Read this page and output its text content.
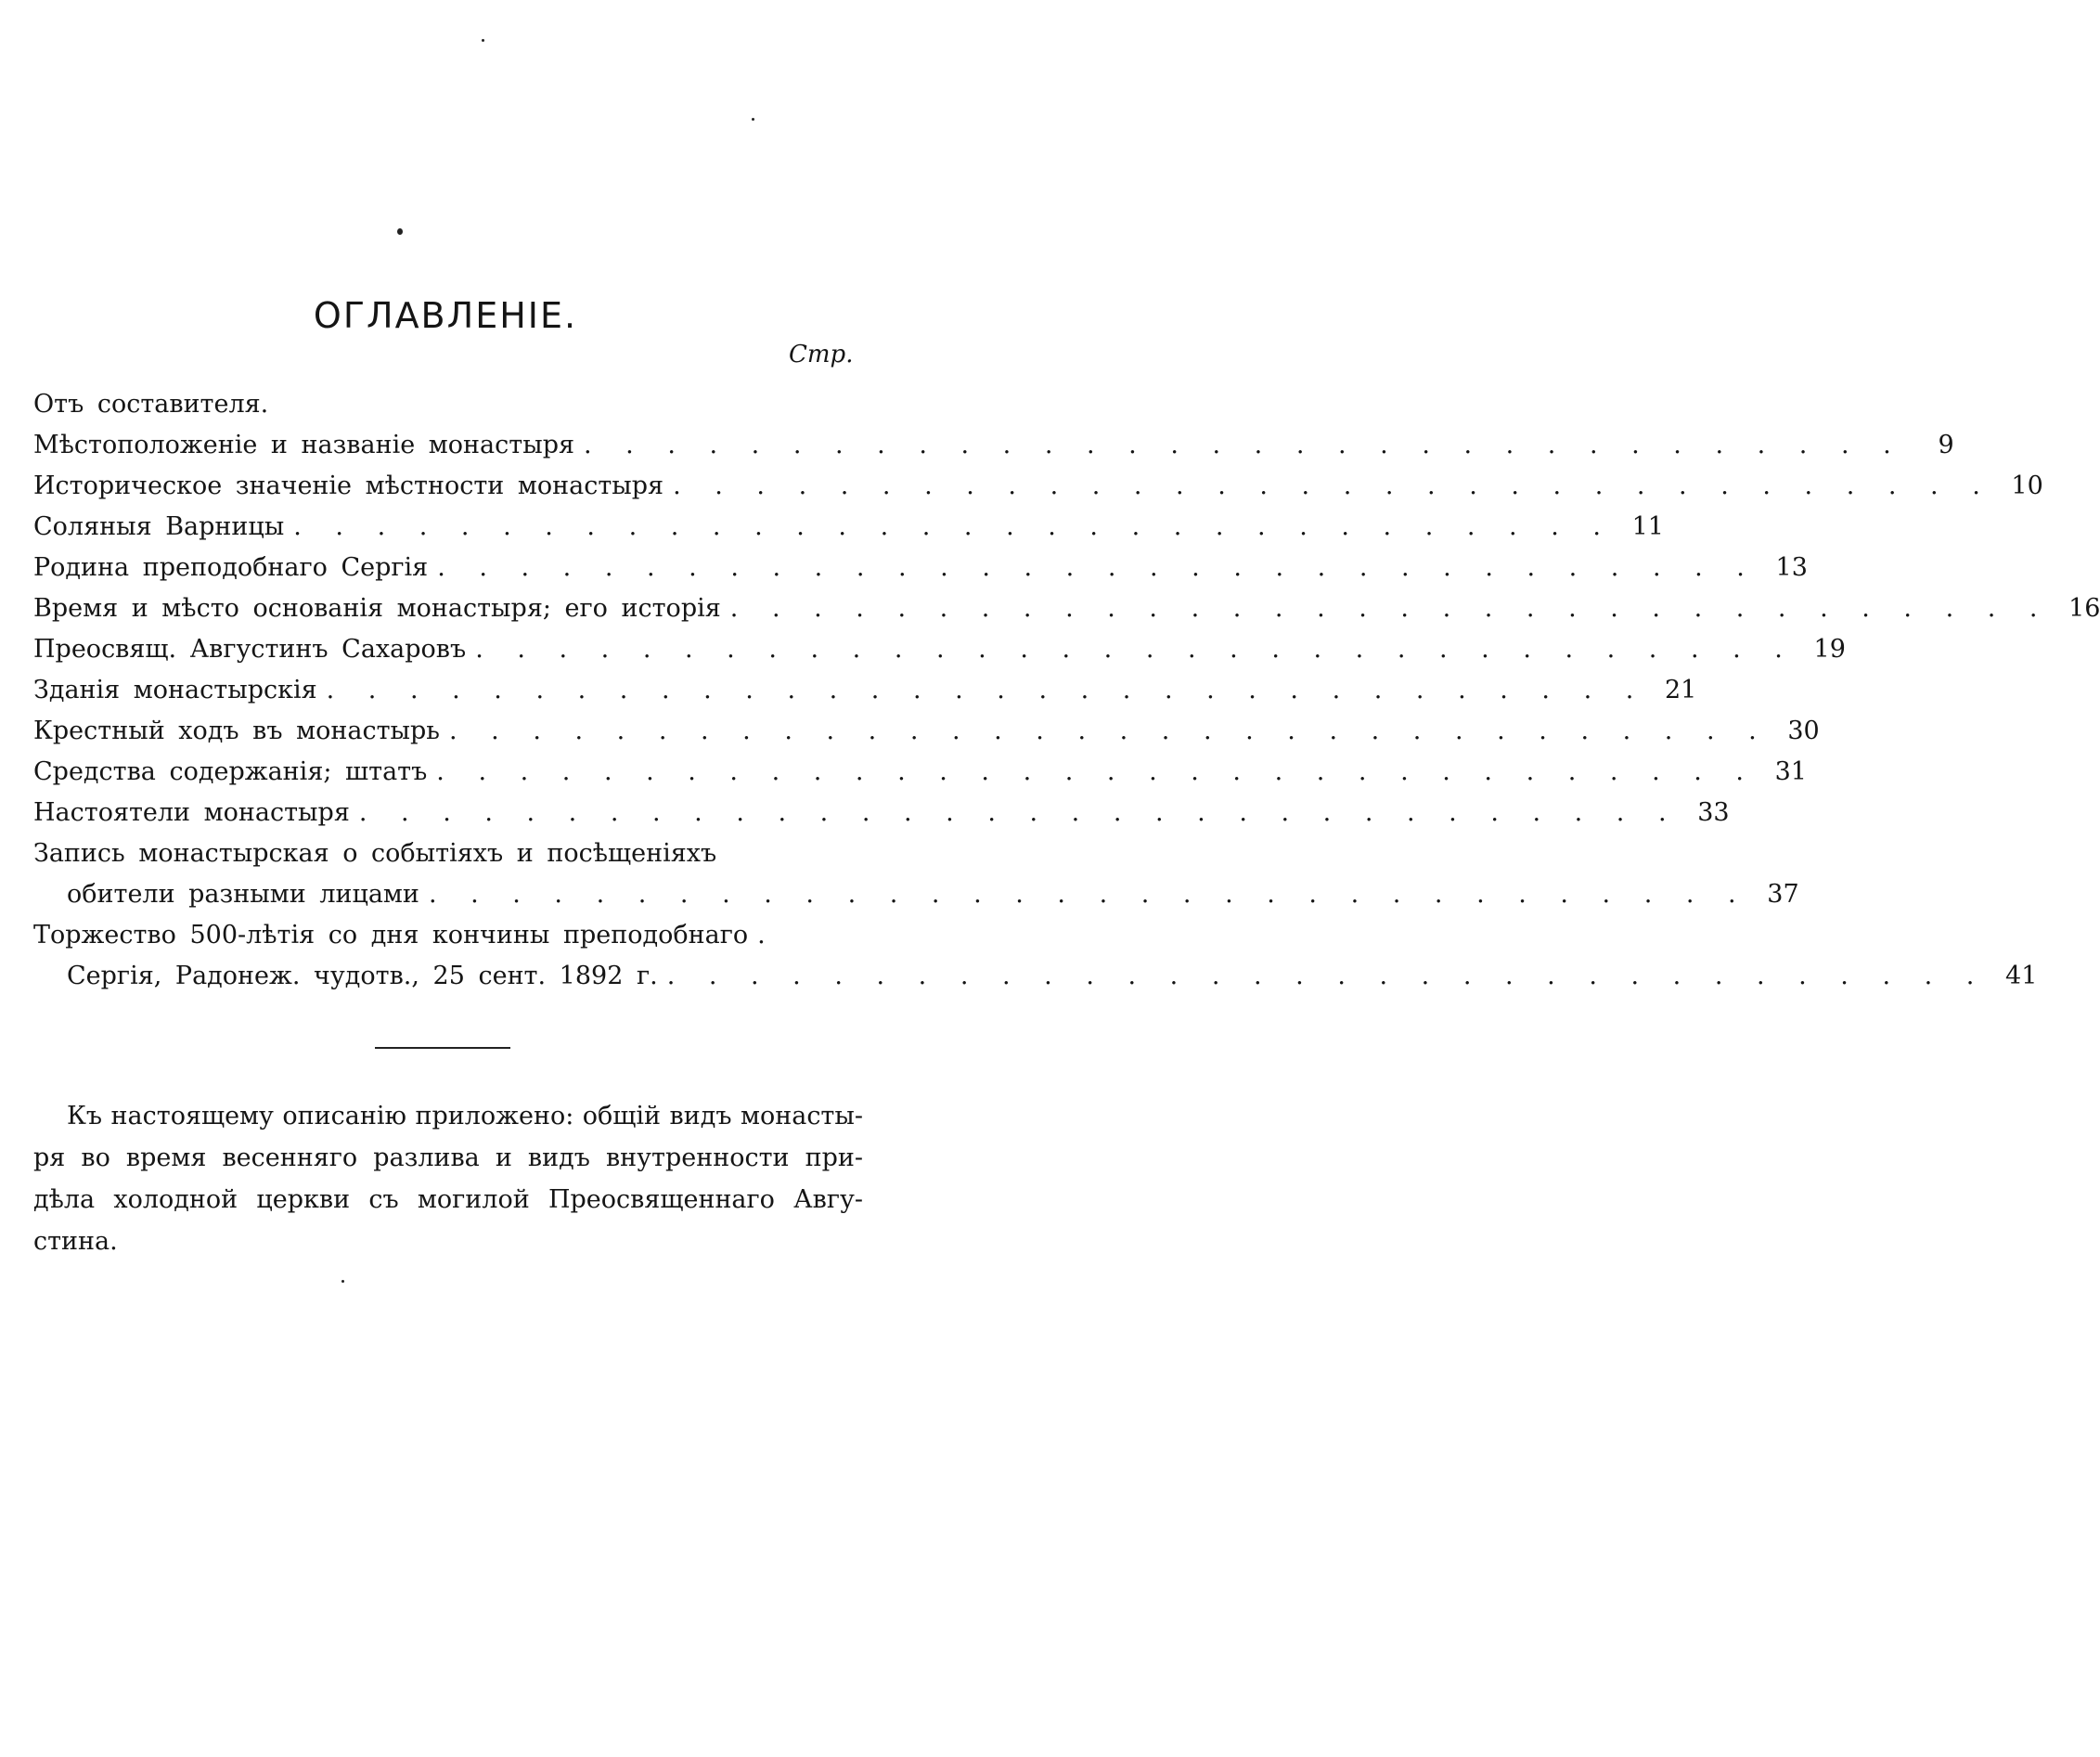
ОГЛАВЛЕНІЕ.
Стр.
Отъ составителя.
Мѣстоположеніе и названіе монастыря . . . . . . . . . . . . . . . . . . . . . . . . . . . . . . . .	9
Историческое значеніе мѣстности монастыря . . . . . . . . . . . . . . . . . . . . . . . . . . . . . . . . 10
Соляныя Варницы . . . . . . . . . . . . . . . . . . . . . . . . . . . . . . . . 11
Родина преподобнаго Сергія . . . . . . . . . . . . . . . . . . . . . . . . . . . . . . . . 13
Время и мѣсто основанія монастыря; его исторія . . . . . . . . . . . . . . . . . . . . . . . . . . . . . . . . 16
Преосвящ. Августинъ Сахаровъ . . . . . . . . . . . . . . . . . . . . . . . . . . . . . . . . 19
Зданія монастырскія . . . . . . . . . . . . . . . . . . . . . . . . . . . . . . . . 21
Крестный ходъ въ монастырь . . . . . . . . . . . . . . . . . . . . . . . . . . . . . . . . 30
Средства содержанія; штатъ . . . . . . . . . . . . . . . . . . . . . . . . . . . . . . . . 31
Настоятели монастыря . . . . . . . . . . . . . . . . . . . . . . . . . . . . . . . . 33
Запись монастырская о событіяхъ и посѣщеніяхъ
обители разными лицами . . . . . . . . . . . . . . . . . . . . . . . . . . . . . . . . 37
Торжество 500-лѣтія со дня кончины преподобнаго .
Сергія, Радонеж. чудотв., 25 сент. 1892 г. . . . . . . . . . . . . . . . . . . . . . . . . . . . . . . . . 41
Къ настоящему описанію приложено: общій видъ монасты-
ря во время весенняго разлива и видъ внутренности при-
дѣла холодной церкви съ могилой Преосвященнаго Авгу-
стина.
